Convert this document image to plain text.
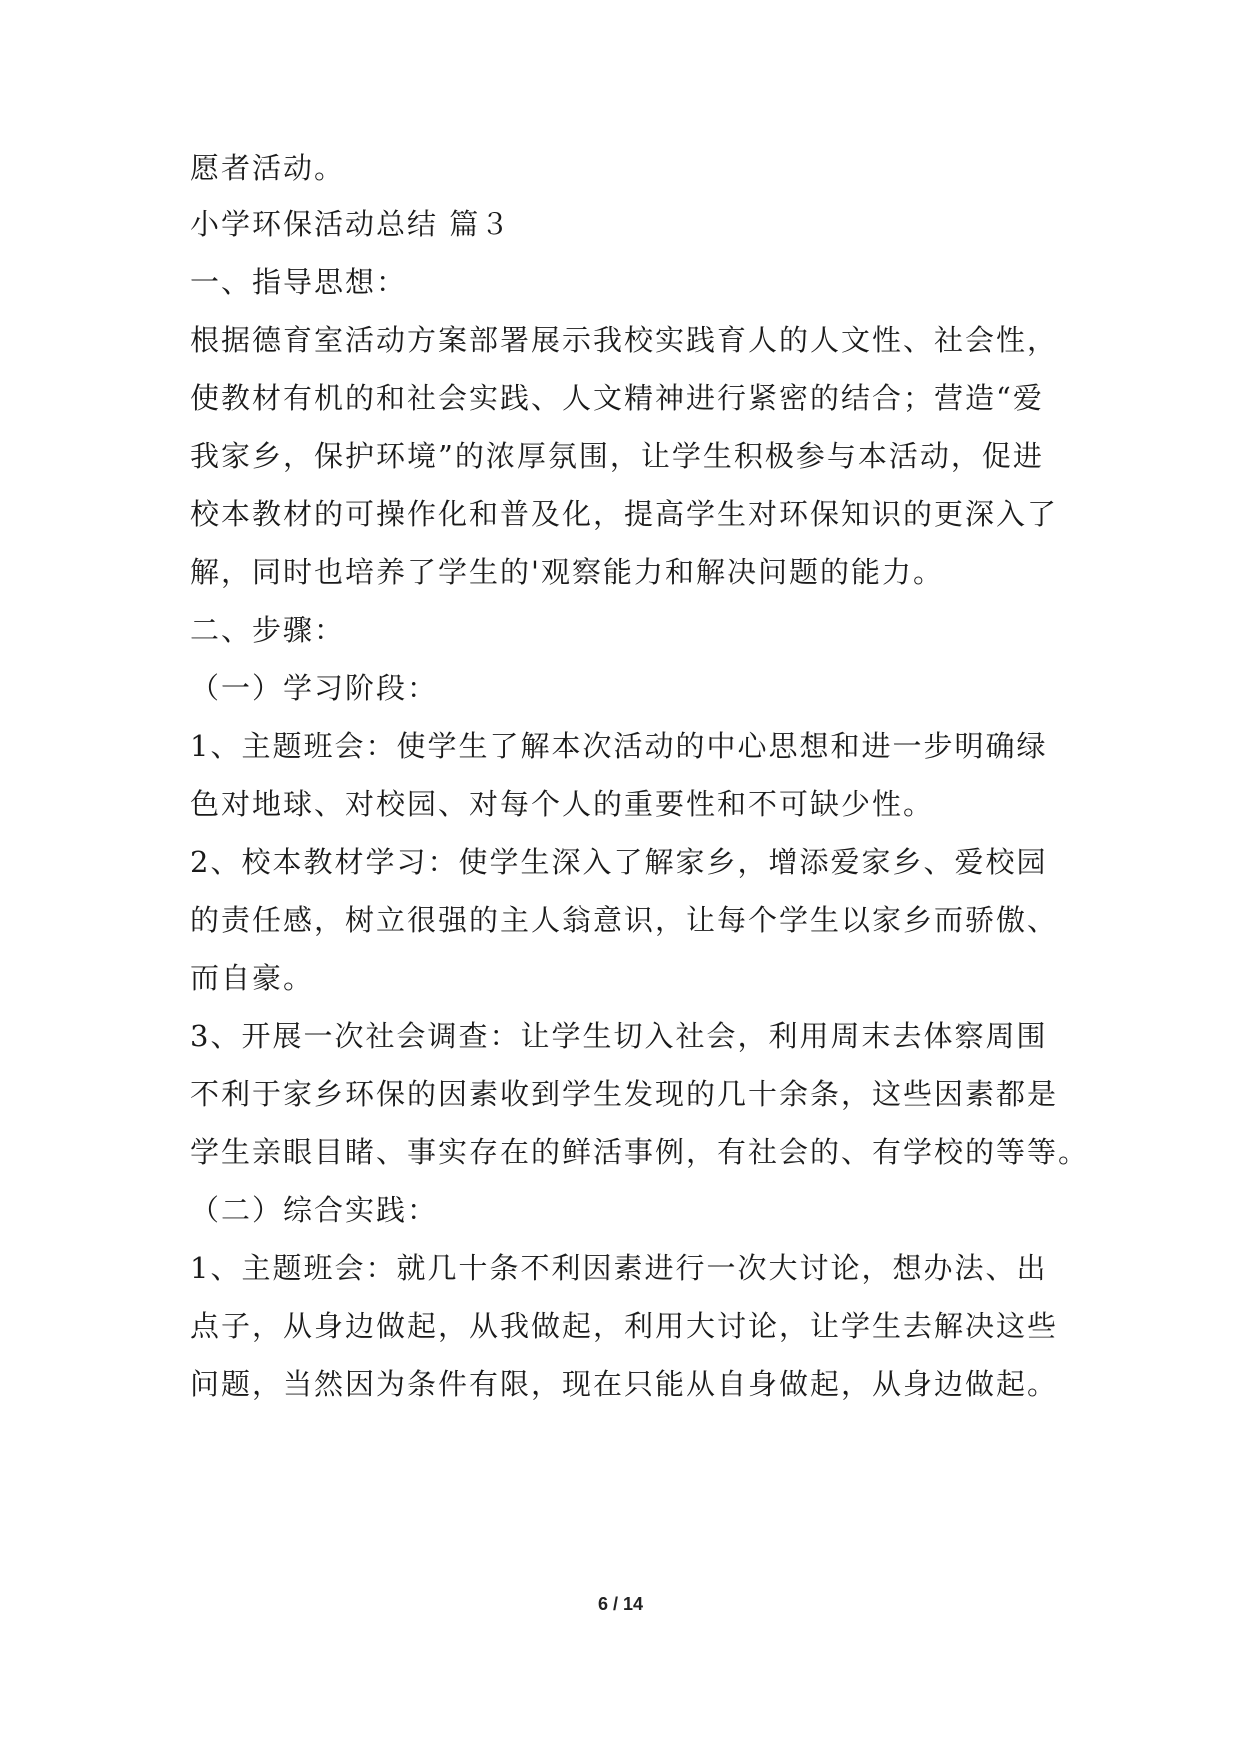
愿者活动。
小学环保活动总结 篇３
一、指导思想：
根据德育室活动方案部署展示我校实践育人的人文性、社会性，
使教材有机的和社会实践、人文精神进行紧密的结合；营造“爱
我家乡，保护环境”的浓厚氛围，让学生积极参与本活动，促进
校本教材的可操作化和普及化，提高学生对环保知识的更深入了
解，同时也培养了学生的'观察能力和解决问题的能力。
二、步骤：
（一）学习阶段：
1、主题班会：使学生了解本次活动的中心思想和进一步明确绿
色对地球、对校园、对每个人的重要性和不可缺少性。
2、校本教材学习：使学生深入了解家乡，增添爱家乡、爱校园
的责任感，树立很强的主人翁意识，让每个学生以家乡而骄傲、
而自豪。
3、开展一次社会调查：让学生切入社会，利用周末去体察周围
不利于家乡环保的因素收到学生发现的几十余条，这些因素都是
学生亲眼目睹、事实存在的鲜活事例，有社会的、有学校的等等。
（二）综合实践：
1、主题班会：就几十条不利因素进行一次大讨论，想办法、出
点子，从身边做起，从我做起，利用大讨论，让学生去解决这些
问题，当然因为条件有限，现在只能从自身做起，从身边做起。
6 / 14
